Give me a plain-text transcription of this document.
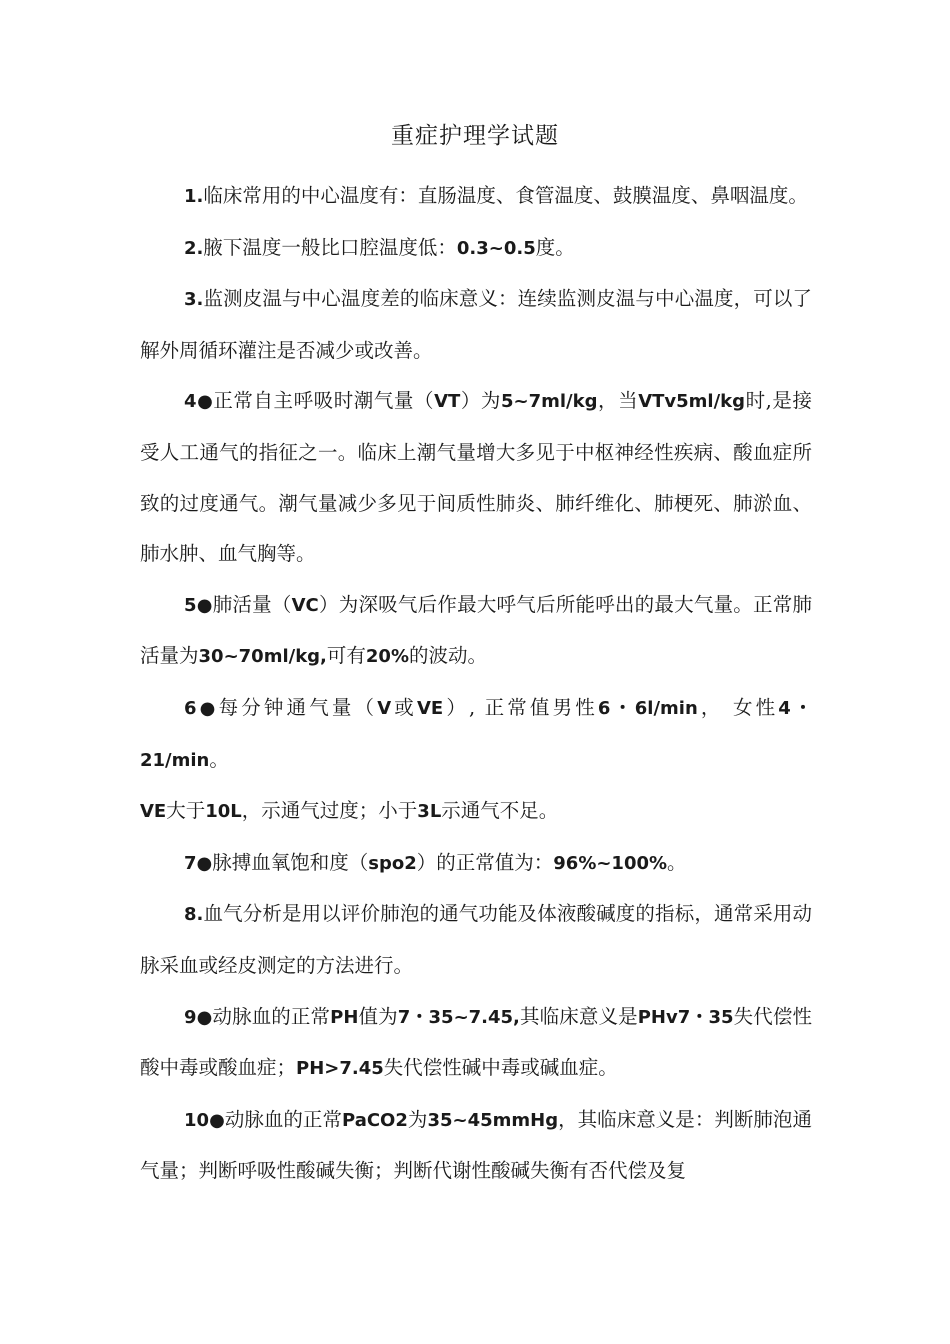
重症护理学试题

1.临床常用的中心温度有：直肠温度、食管温度、鼓膜温度、鼻咽温度。

2.腋下温度一般比口腔温度低：0.3~0.5度。

3.监测皮温与中心温度差的临床意义：连续监测皮温与中心温度，可以了解外周循环灌注是否减少或改善。

4●正常自主呼吸时潮气量（VT）为5~7ml/kg，当VTv5ml/kg时,是接受人工通气的指征之一。临床上潮气量增大多见于中枢神经性疾病、酸血症所致的过度通气。潮气量减少多见于间质性肺炎、肺纤维化、肺梗死、肺淤血、肺水肿、血气胸等。

5●肺活量（VC）为深吸气后作最大呼气后所能呼出的最大气量。正常肺活量为30~70ml/kg,可有20%的波动。

6●每分钟通气量（V或VE）, 正常值男性6・6l/min， 女性4・21/min。

VE大于10L，示通气过度；小于3L示通气不足。

7●脉搏血氧饱和度（spo2）的正常值为：96%~100%。

8.血气分析是用以评价肺泡的通气功能及体液酸碱度的指标，通常采用动脉采血或经皮测定的方法进行。

9●动脉血的正常PH值为7・35~7.45,其临床意义是PHv7・35失代偿性酸中毒或酸血症；PH>7.45失代偿性碱中毒或碱血症。

10●动脉血的正常PaCO2为35~45mmHg，其临床意义是：判断肺泡通气量；判断呼吸性酸碱失衡；判断代谢性酸碱失衡有否代偿及复
